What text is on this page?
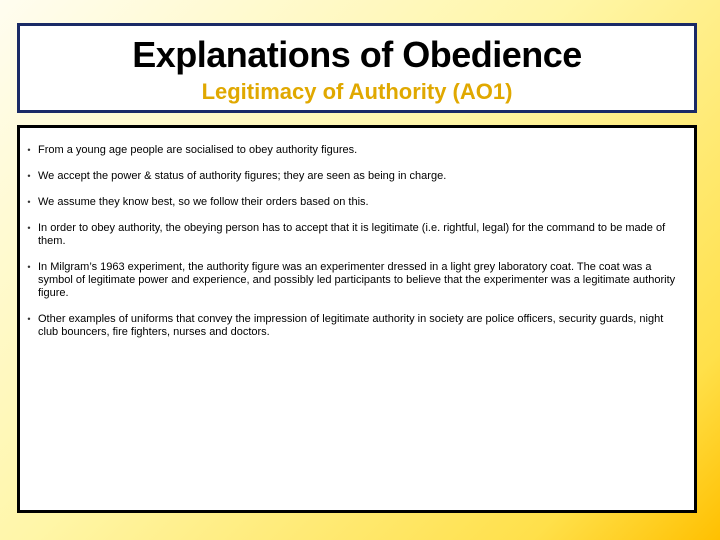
Explanations of Obedience
Legitimacy of Authority (AO1)
• From a young age people are socialised to obey authority figures.
• We accept the power & status of authority figures; they are seen as being in charge.
• We assume they know best, so we follow their orders based on this.
• In order to obey authority, the obeying person has to accept that it is legitimate (i.e. rightful, legal) for the command to be made of them.
• In Milgram’s 1963 experiment, the authority figure was an experimenter dressed in a light grey laboratory coat. The coat was a symbol of legitimate power and experience, and possibly led participants to believe that the experimenter was a legitimate authority figure.
• Other examples of uniforms that convey the impression of legitimate authority in society are police officers, security guards, night club bouncers, fire fighters, nurses and doctors.
